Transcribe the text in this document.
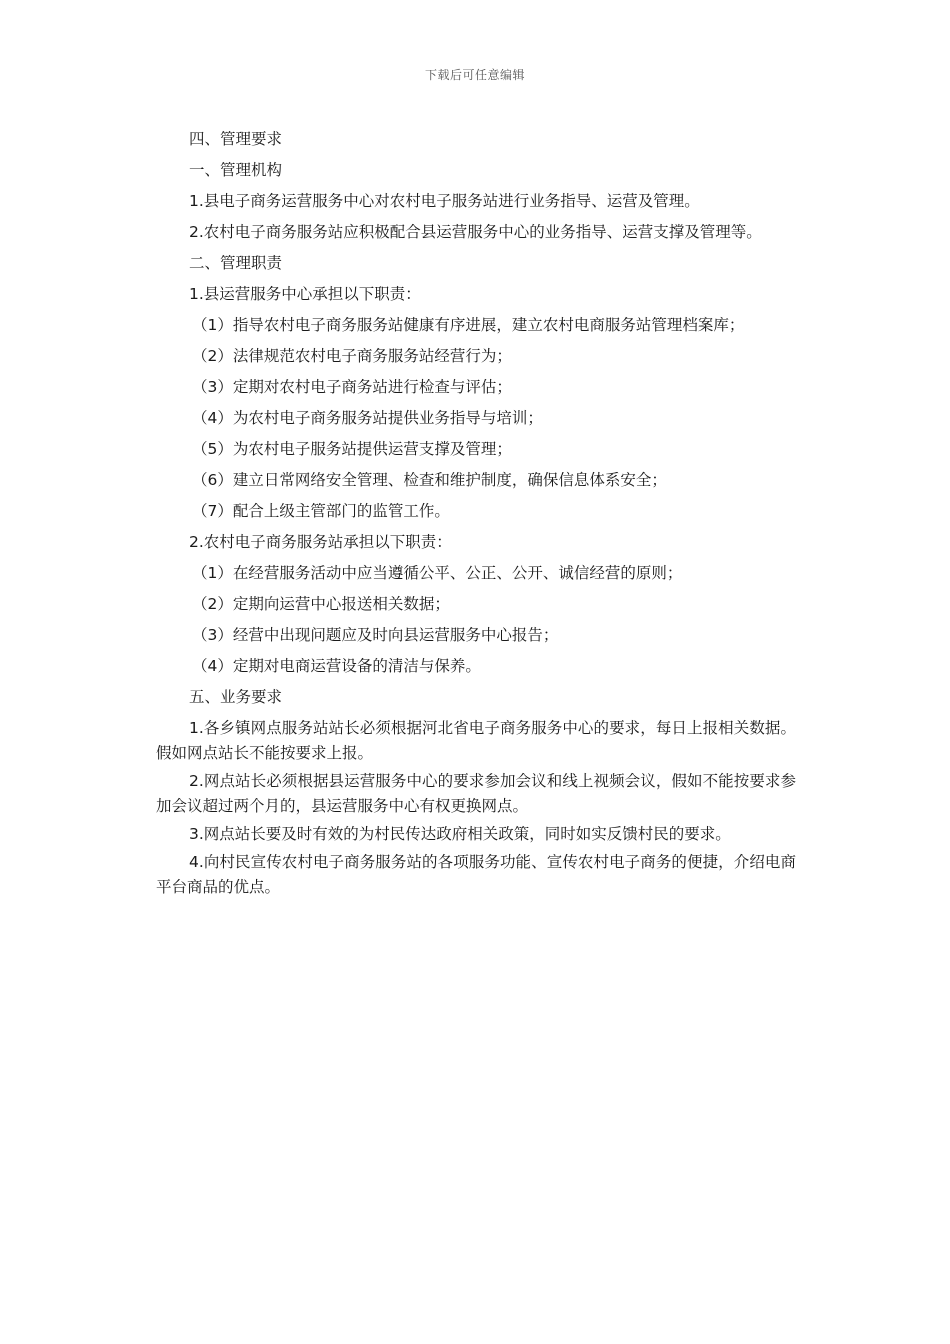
下载后可任意编辑
四、管理要求
一、管理机构
1.县电子商务运营服务中心对农村电子服务站进行业务指导、运营及管理。
2.农村电子商务服务站应积极配合县运营服务中心的业务指导、运营支撑及管理等。
二、管理职责
1.县运营服务中心承担以下职责：
（1）指导农村电子商务服务站健康有序进展，建立农村电商服务站管理档案库；
（2）法律规范农村电子商务服务站经营行为；
（3）定期对农村电子商务站进行检查与评估；
（4）为农村电子商务服务站提供业务指导与培训；
（5）为农村电子服务站提供运营支撑及管理；
（6）建立日常网络安全管理、检查和维护制度，确保信息体系安全；
（7）配合上级主管部门的监管工作。
2.农村电子商务服务站承担以下职责：
（1）在经营服务活动中应当遵循公平、公正、公开、诚信经营的原则；
（2）定期向运营中心报送相关数据；
（3）经营中出现问题应及时向县运营服务中心报告；
（4）定期对电商运营设备的清洁与保养。
五、业务要求
1.各乡镇网点服务站站长必须根据河北省电子商务服务中心的要求，每日上报相关数据。假如网点站长不能按要求上报。
2.网点站长必须根据县运营服务中心的要求参加会议和线上视频会议，假如不能按要求参加会议超过两个月的，县运营服务中心有权更换网点。
3.网点站长要及时有效的为村民传达政府相关政策，同时如实反馈村民的要求。
4.向村民宣传农村电子商务服务站的各项服务功能、宣传农村电子商务的便捷，介绍电商平台商品的优点。
